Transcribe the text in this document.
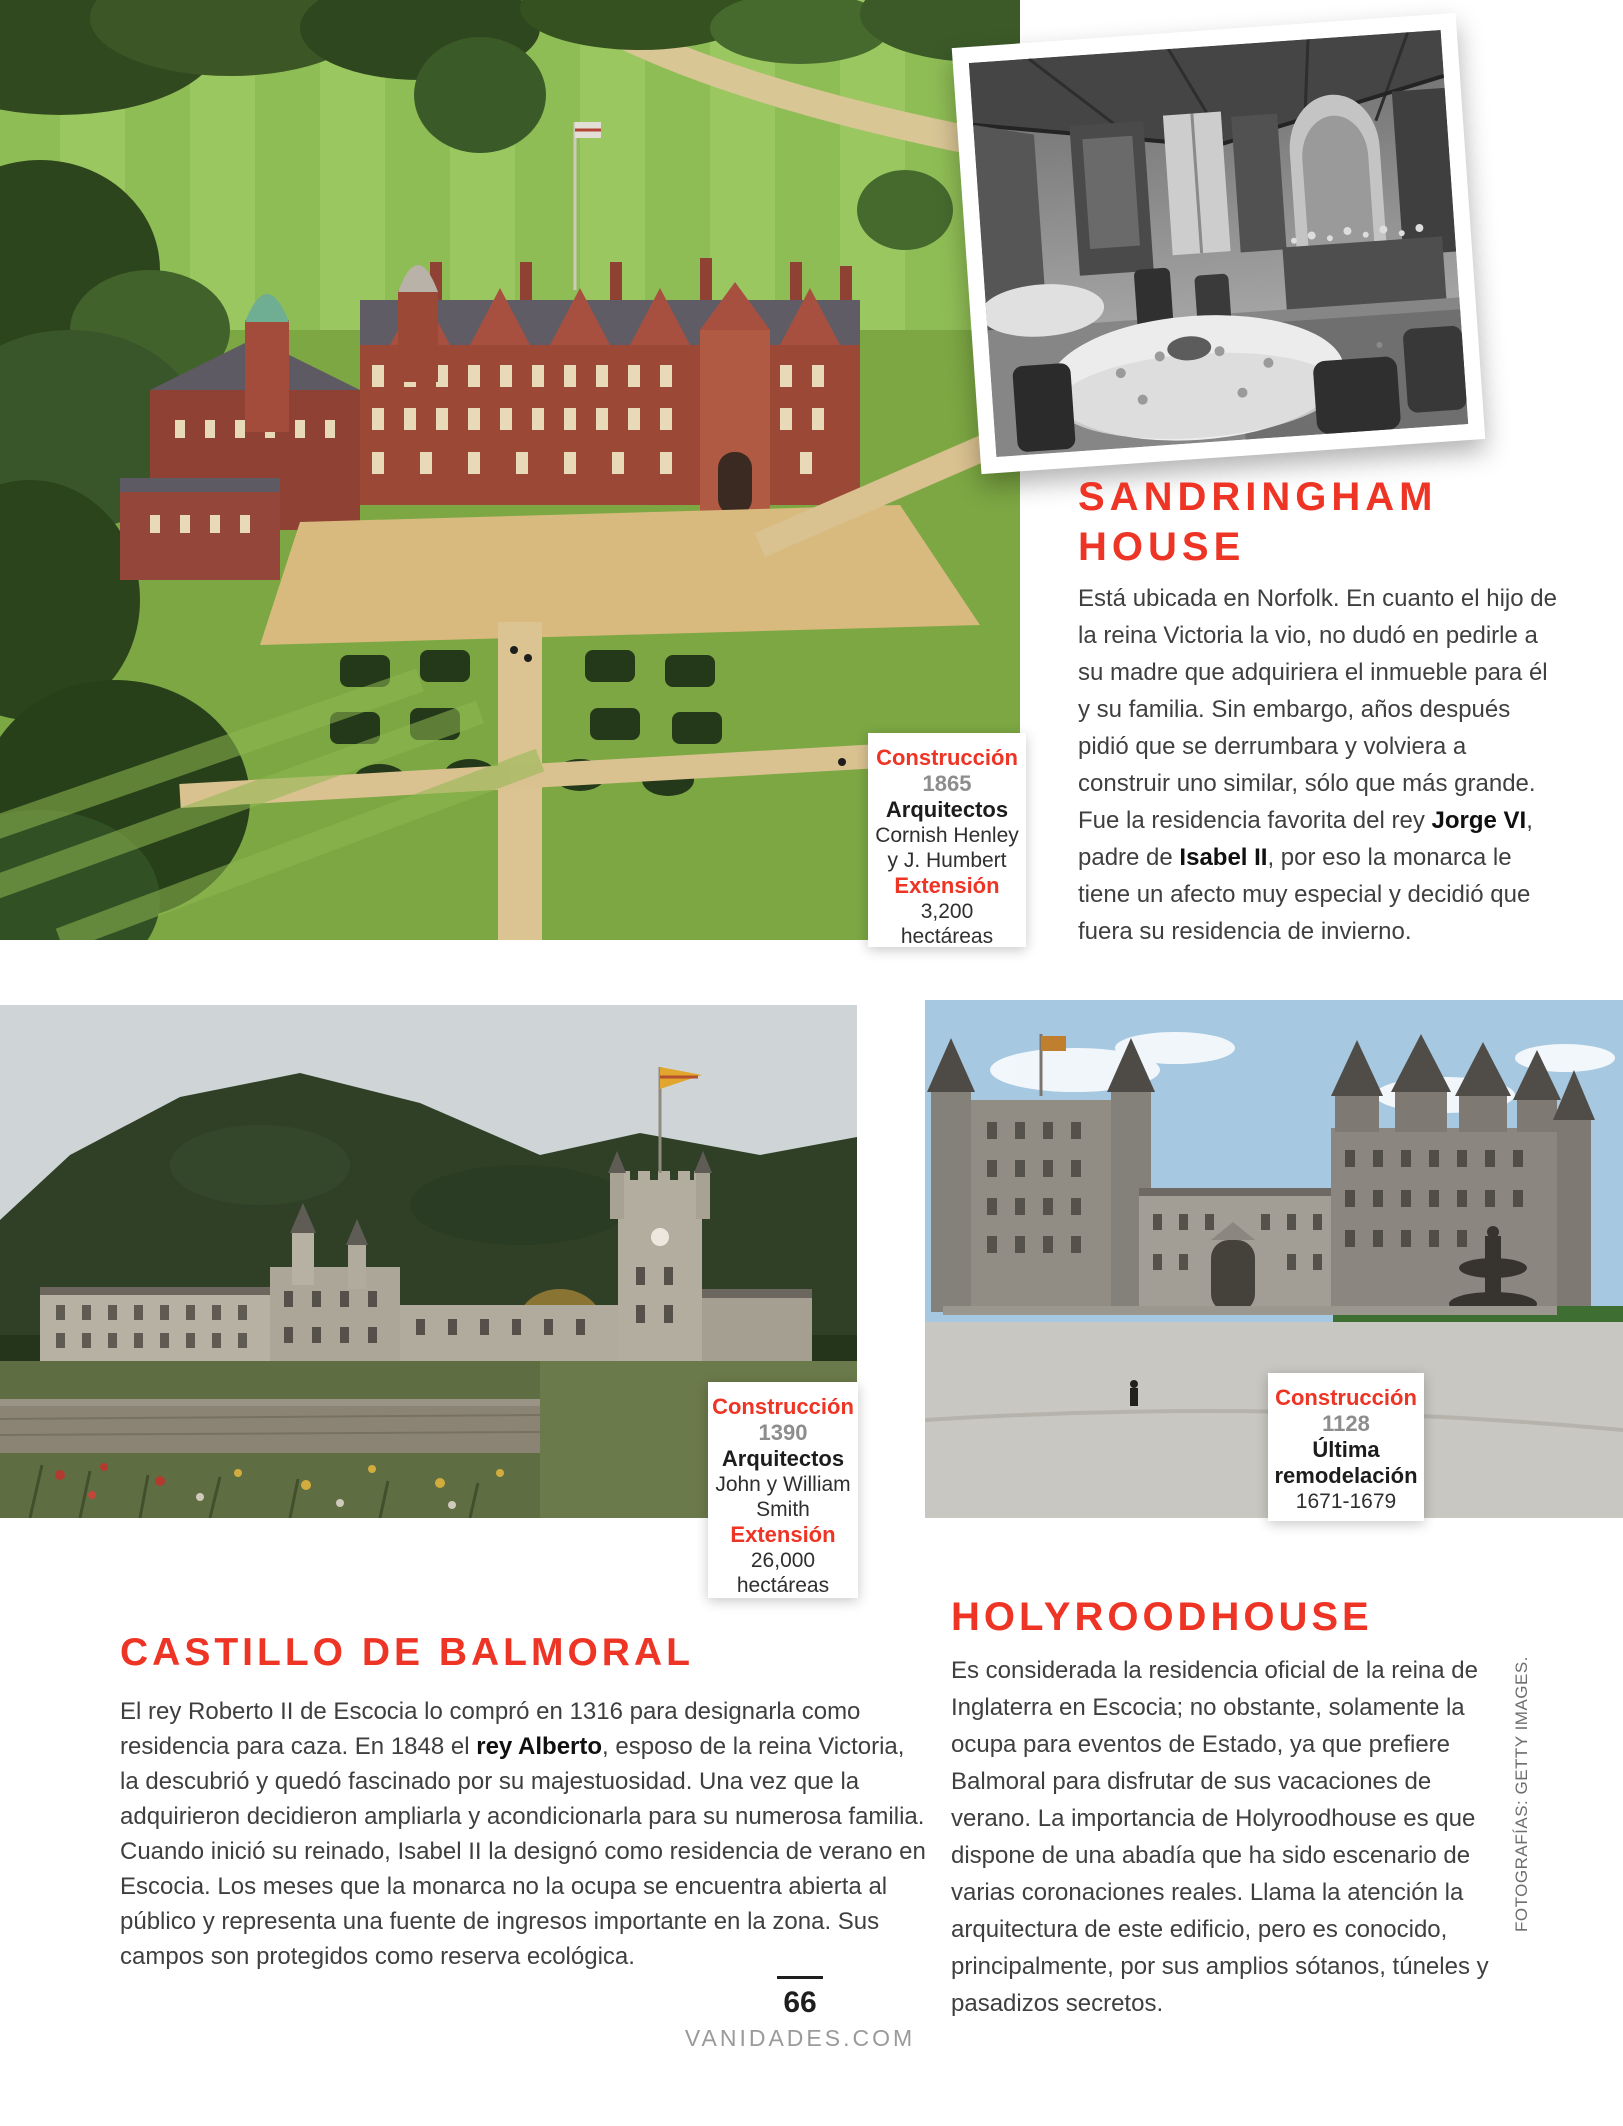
SANDRINGHAM
HOUSE
Está ubicada en Norfolk. En cuanto el hijo de la reina Victoria la vio, no dudó en pedirle a su madre que adquiriera el inmueble para él y su familia. Sin embargo, años después pidió que se derrumbara y volviera a construir uno similar, sólo que más grande. Fue la residencia favorita del rey Jorge VI, padre de Isabel II, por eso la monarca le tiene un afecto muy especial y decidió que fuera su residencia de invierno.
Construcción
1865
Arquitectos
Cornish Henley
y J. Humbert
Extensión
3,200
hectáreas
Construcción
1390
Arquitectos
John y William
Smith
Extensión
26,000
hectáreas
Construcción
1128
Última
remodelación
1671-1679
CASTILLO DE BALMORAL
El rey Roberto II de Escocia lo compró en 1316 para designarla como residencia para caza. En 1848 el rey Alberto, esposo de la reina Victoria, la descubrió y quedó fascinado por su majestuosidad. Una vez que la adquirieron decidieron ampliarla y acondicionarla para su numerosa familia. Cuando inició su reinado, Isabel II la designó como residencia de verano en Escocia. Los meses que la monarca no la ocupa se encuentra abierta al público y representa una fuente de ingresos importante en la zona. Sus campos son protegidos como reserva ecológica.
HOLYROODHOUSE
Es considerada la residencia oficial de la reina de Inglaterra en Escocia; no obstante, solamente la ocupa para eventos de Estado, ya que prefiere Balmoral para disfrutar de sus vacaciones de verano. La importancia de Holyroodhouse es que dispone de una abadía que ha sido escenario de varias coronaciones reales. Llama la atención la arquitectura de este edificio, pero es conocido, principalmente, por sus amplios sótanos, túneles y pasadizos secretos.
66
VANIDADES.COM
FOTOGRAFÍAS: GETTY IMAGES.
